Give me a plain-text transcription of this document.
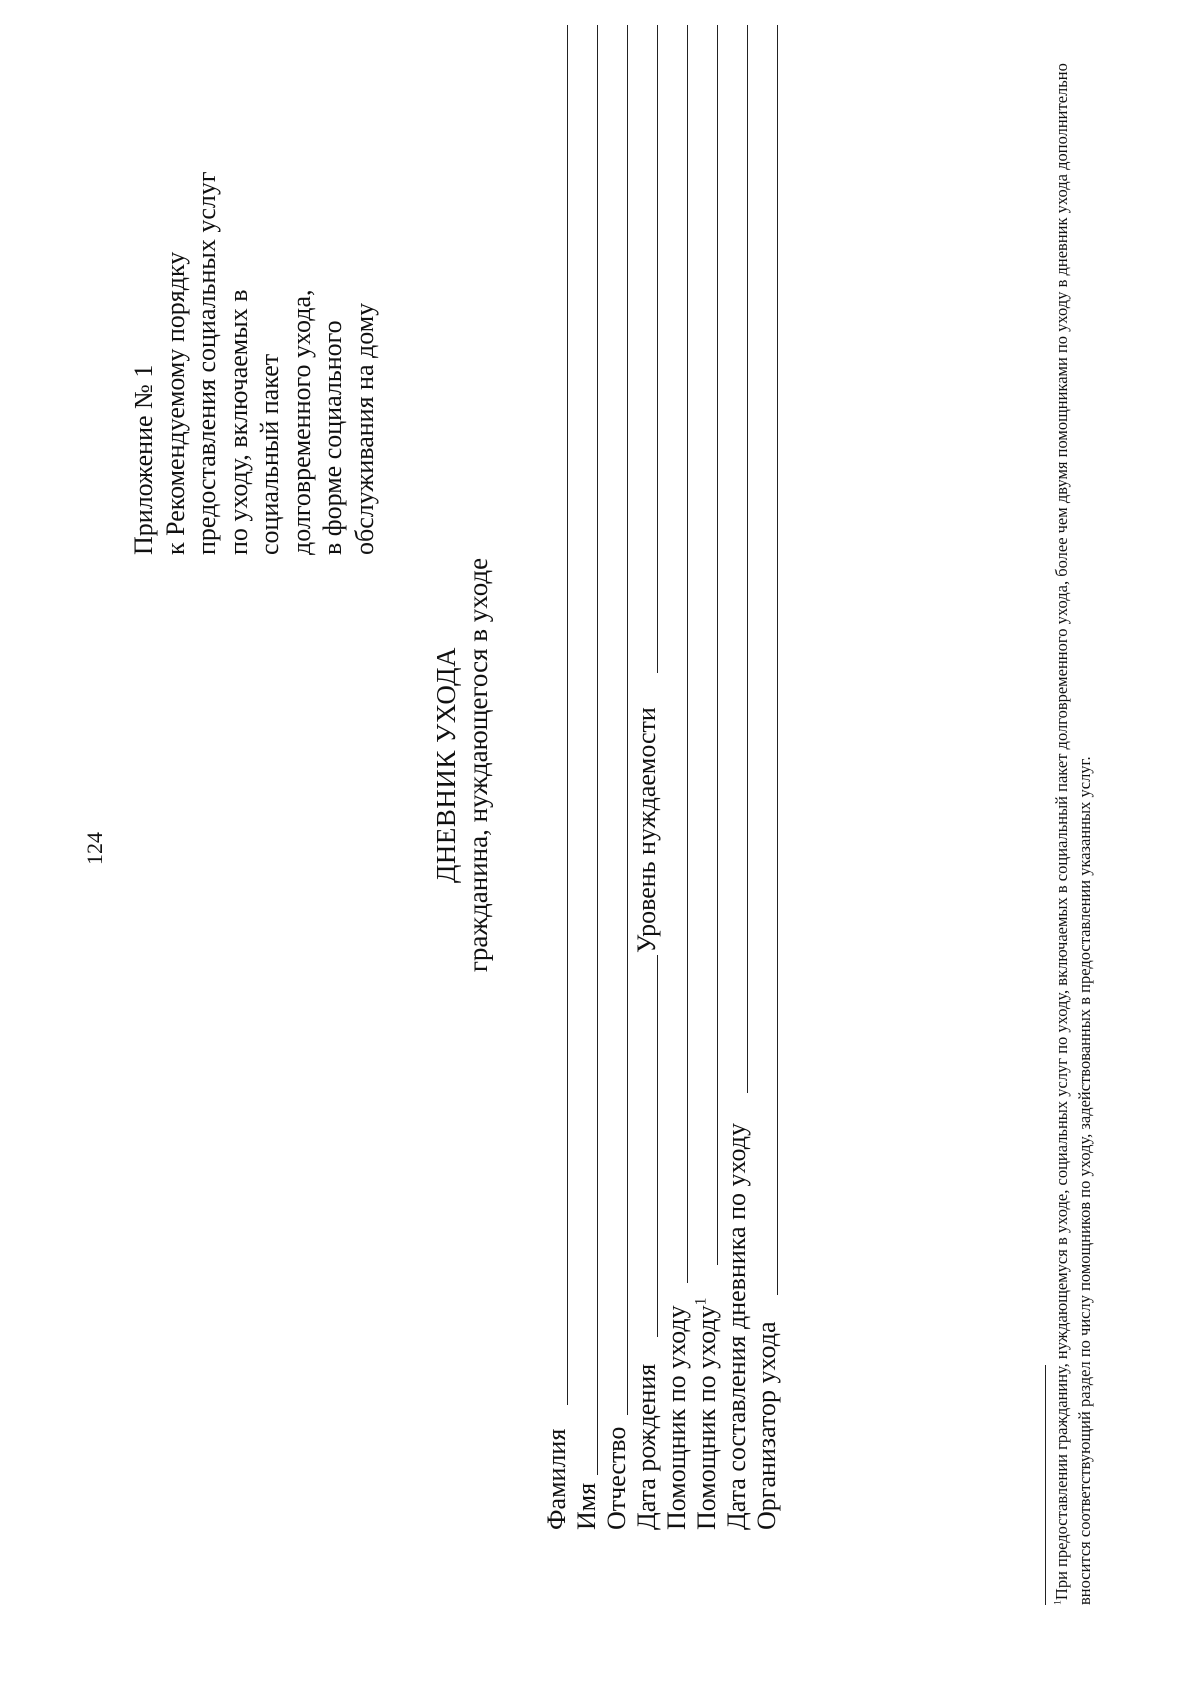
124
Приложение № 1 к Рекомендуемому порядку предоставления социальных услуг по уходу, включаемых в социальный пакет долговременного ухода, в форме социального обслуживания на дому
ДНЕВНИК УХОДА гражданина, нуждающегося в уходе
Фамилия Имя Отчество Дата рождения
Уровень нуждаемости
Помощник по уходу Помощник по уходу$^1$ Дата составления дневника по уходу Организатор ухода
$^1$При предоставлении гражданину, нуждающемуся в уходе, социальных услуг по уходу, включаемых в социальный пакет долговременного ухода, более чем двумя помощниками по уходу в дневник ухода дополнительно вносится соответствующий раздел по числу помощников по уходу, задействованных в предоставлении указанных услуг.
